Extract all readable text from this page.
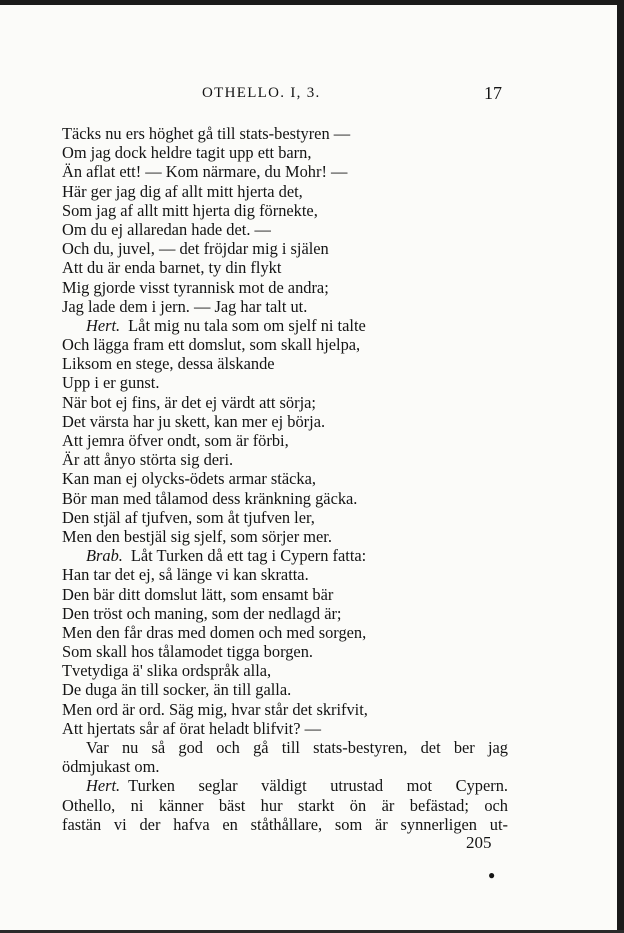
OTHELLO. I, 3.	17
Täcks nu ers höghet gå till stats-bestyren —
Om jag dock heldre tagit upp ett barn,
Än aflat ett! — Kom närmare, du Mohr! —
Här ger jag dig af allt mitt hjerta det,
Som jag af allt mitt hjerta dig förnekte,
Om du ej allaredan hade det. —
Och du, juvel, — det fröjdar mig i själen
Att du är enda barnet, ty din flykt
Mig gjorde visst tyrannisk mot de andra;
Jag lade dem i jern. — Jag har talt ut.
Hert. Låt mig nu tala som om sjelf ni talte
Och lägga fram ett domslut, som skall hjelpa,
Liksom en stege, dessa älskande
Upp i er gunst.
När bot ej fins, är det ej värdt att sörja;
Det värsta har ju skett, kan mer ej börja.
Att jemra öfver ondt, som är förbi,
Är att ånyo störta sig deri.
Kan man ej olycks-ödets armar stäcka,
Bör man med tålamod dess kränkning gäcka.
Den stjäl af tjufven, som åt tjufven ler,
Men den bestjäl sig sjelf, som sörjer mer.
Brab. Låt Turken då ett tag i Cypern fatta:
Han tar det ej, så länge vi kan skratta.
Den bär ditt domslut lätt, som ensamt bär
Den tröst och maning, som der nedlagd är;
Men den får dras med domen och med sorgen,
Som skall hos tålamodet tigga borgen.
Tvetydiga ä' slika ordspråk alla,
De duga än till socker, än till galla.
Men ord är ord. Säg mig, hvar står det skrifvit,
Att hjertats sår af örat heladt blifvit? —
Var nu så god och gå till stats-bestyren, det ber jag
ödmjukast om.
Hert. Turken seglar väldigt utrustad mot Cypern.
Othello, ni känner bäst hur starkt ön är befästad; och
fastän vi der hafva en ståthållare, som är synnerligen ut-
205
●
